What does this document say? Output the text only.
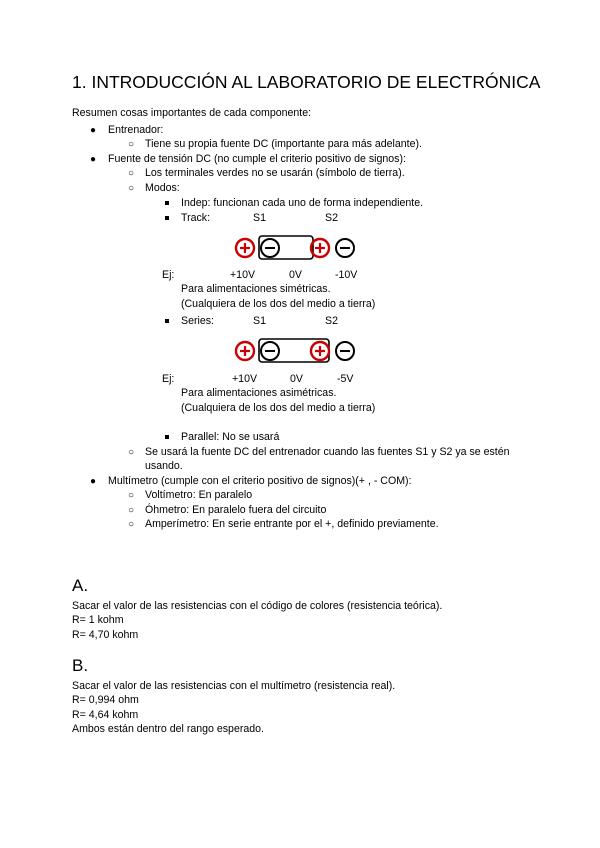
1. INTRODUCCIÓN AL LABORATORIO DE ELECTRÓNICA
Resumen cosas importantes de cada componente:
● Entrenador:
○ Tiene su propia fuente DC (importante para más adelante).
● Fuente de tensión DC (no cumple el criterio positivo de signos):
○ Los terminales verdes no se usarán (símbolo de tierra).
○ Modos:
Indep: funcionan cada uno de forma independiente.
Track:	S1	S2
Ej:	+10V	0V	-10V
Para alimentaciones simétricas.
(Cualquiera de los dos del medio a tierra)
Series:	S1	S2
Ej:	+10V	0V	-5V
Para alimentaciones asimétricas.
(Cualquiera de los dos del medio a tierra)
Parallel: No se usará
○ Se usará la fuente DC del entrenador cuando las fuentes S1 y S2 ya se estén
usando.
● Multímetro (cumple con el criterio positivo de signos)(+ , - COM):
○ Voltímetro: En paralelo
○ Óhmetro: En paralelo fuera del circuito
○ Amperímetro: En serie entrante por el +, definido previamente.
A.
Sacar el valor de las resistencias con el código de colores (resistencia teórica).
R= 1 kohm
R= 4,70 kohm
B.
Sacar el valor de las resistencias con el multímetro (resistencia real).
R= 0,994 ohm
R= 4,64 kohm
Ambos están dentro del rango esperado.
